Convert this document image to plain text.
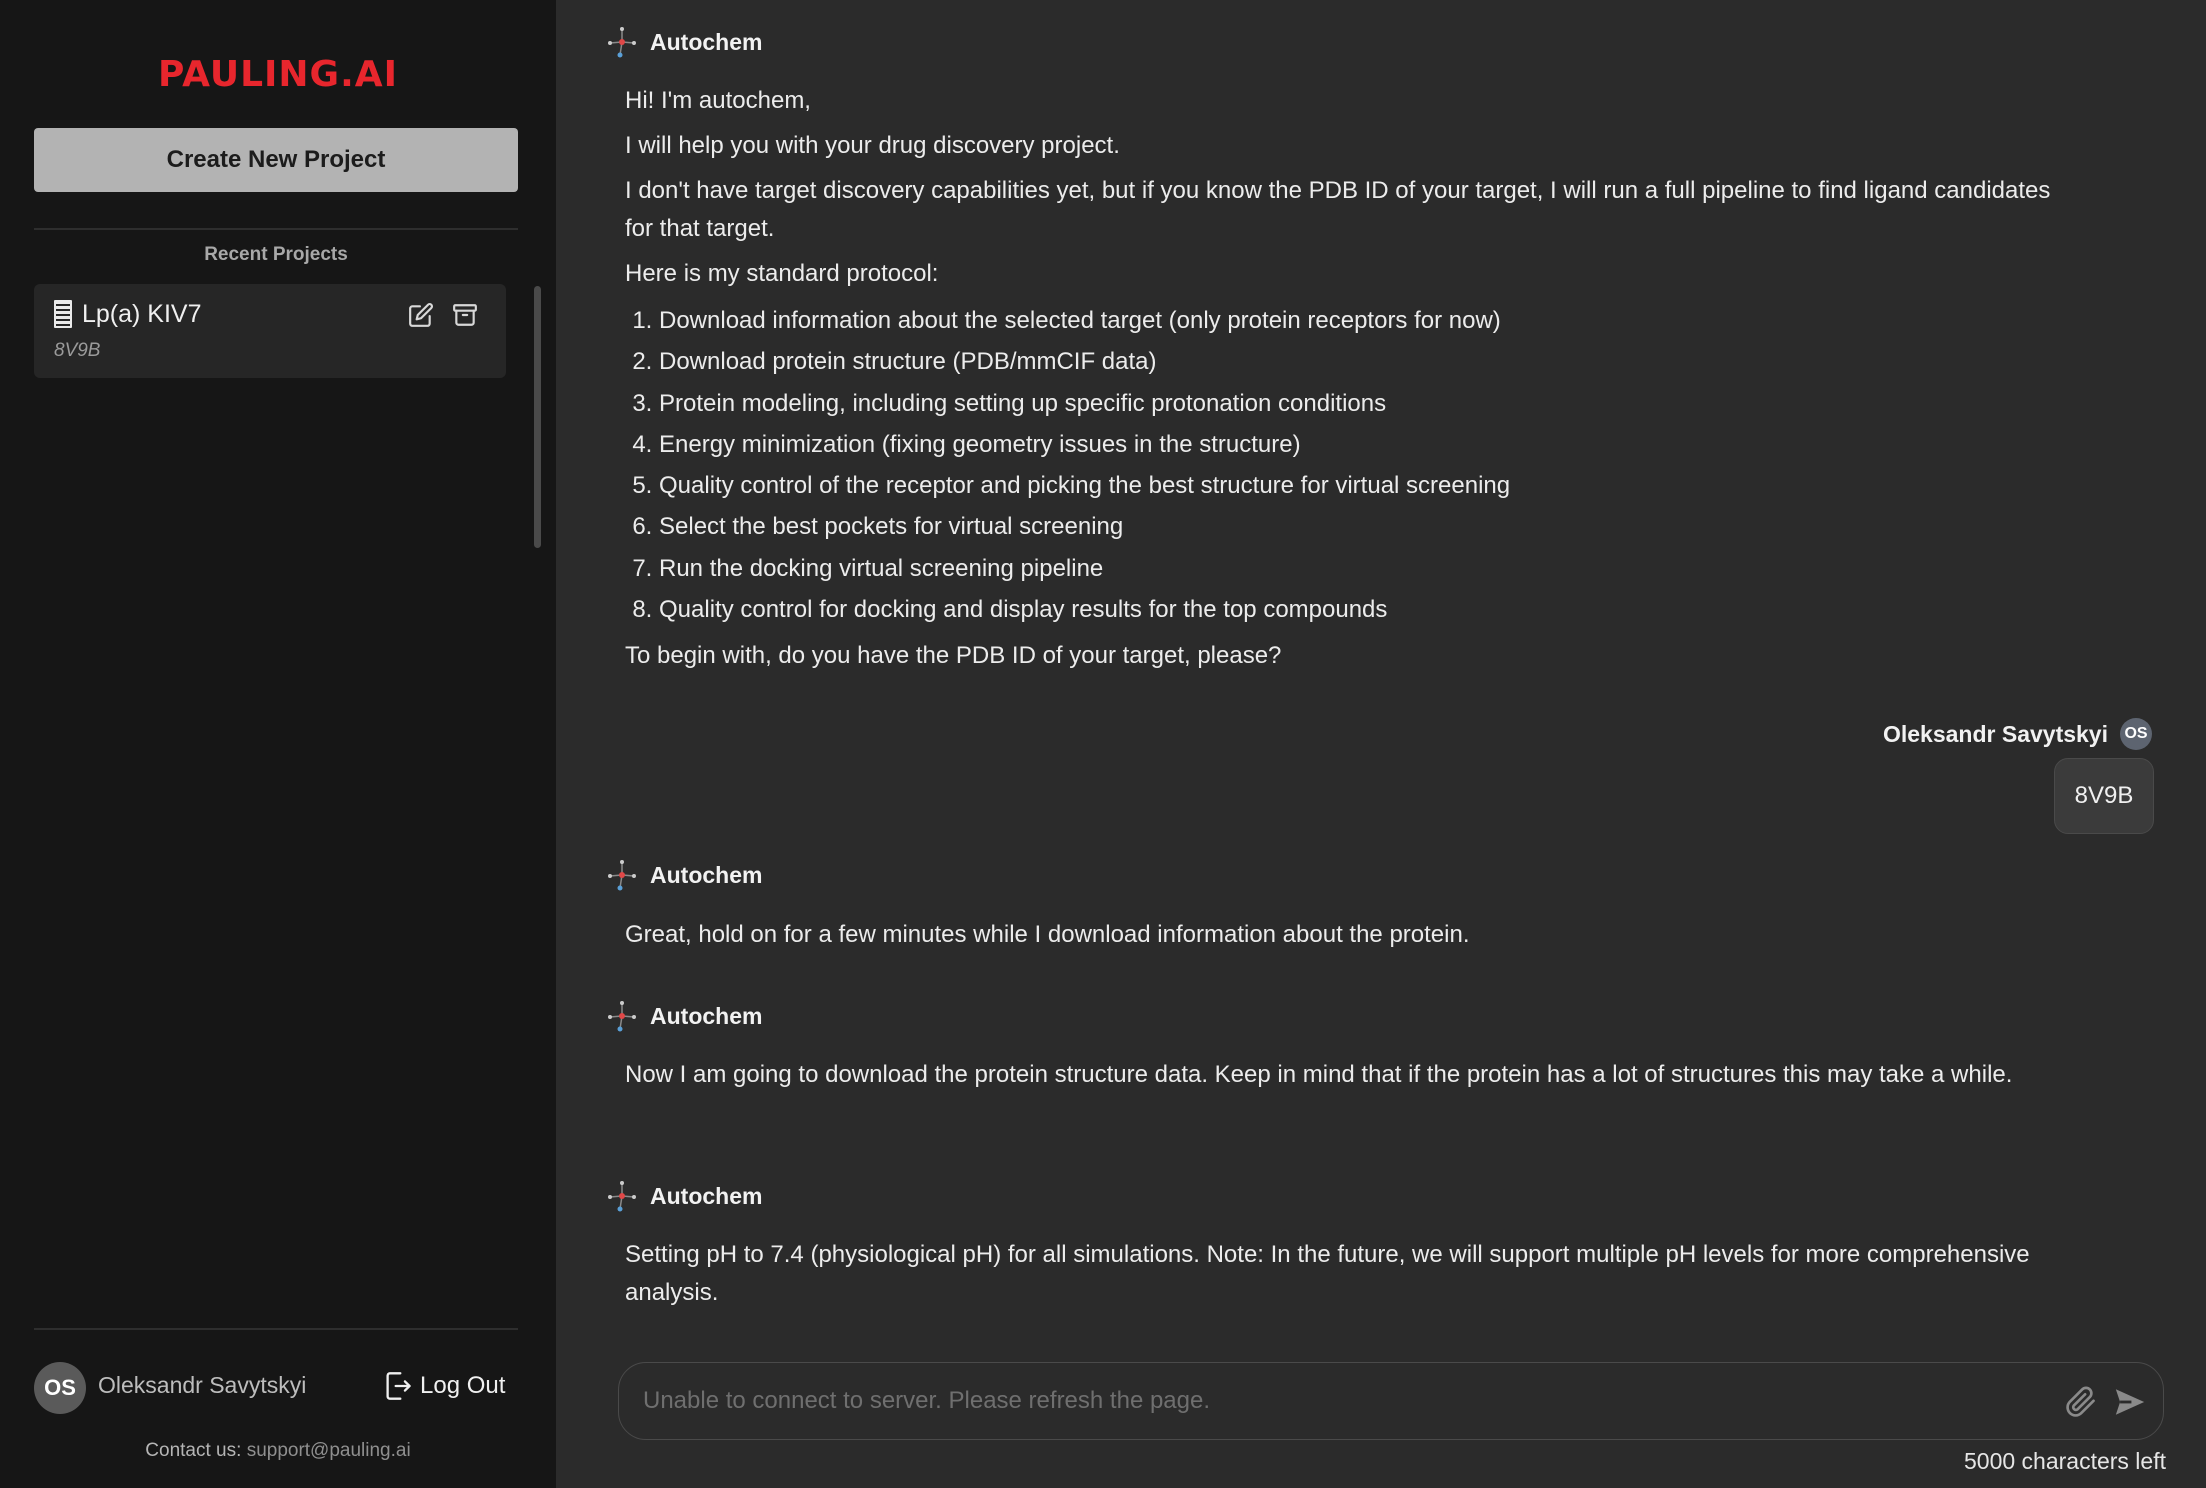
PAULING.AI
Create New Project
Recent Projects
Lp(a) KIV7
8V9B
OS Oleksandr Savytskyi	Log Out
Contact us: support@pauling.ai
Autochem

Hi! I'm autochem,

I will help you with your drug discovery project.

I don't have target discovery capabilities yet, but if you know the PDB ID of your target, I will run a full pipeline to find ligand candidates for that target.

Here is my standard protocol:

1. Download information about the selected target (only protein receptors for now)
2. Download protein structure (PDB/mmCIF data)
3. Protein modeling, including setting up specific protonation conditions
4. Energy minimization (fixing geometry issues in the structure)
5. Quality control of the receptor and picking the best structure for virtual screening
6. Select the best pockets for virtual screening
7. Run the docking virtual screening pipeline
8. Quality control for docking and display results for the top compounds

To begin with, do you have the PDB ID of your target, please?

Oleksandr Savytskyi OS
8V9B
Autochem

Great, hold on for a few minutes while I download information about the protein.

Autochem

Now I am going to download the protein structure data. Keep in mind that if the protein has a lot of structures this may take a while.

Autochem

Setting pH to 7.4 (physiological pH) for all simulations. Note: In the future, we will support multiple pH levels for more comprehensive analysis.

Unable to connect to server. Please refresh the page.
5000 characters left
